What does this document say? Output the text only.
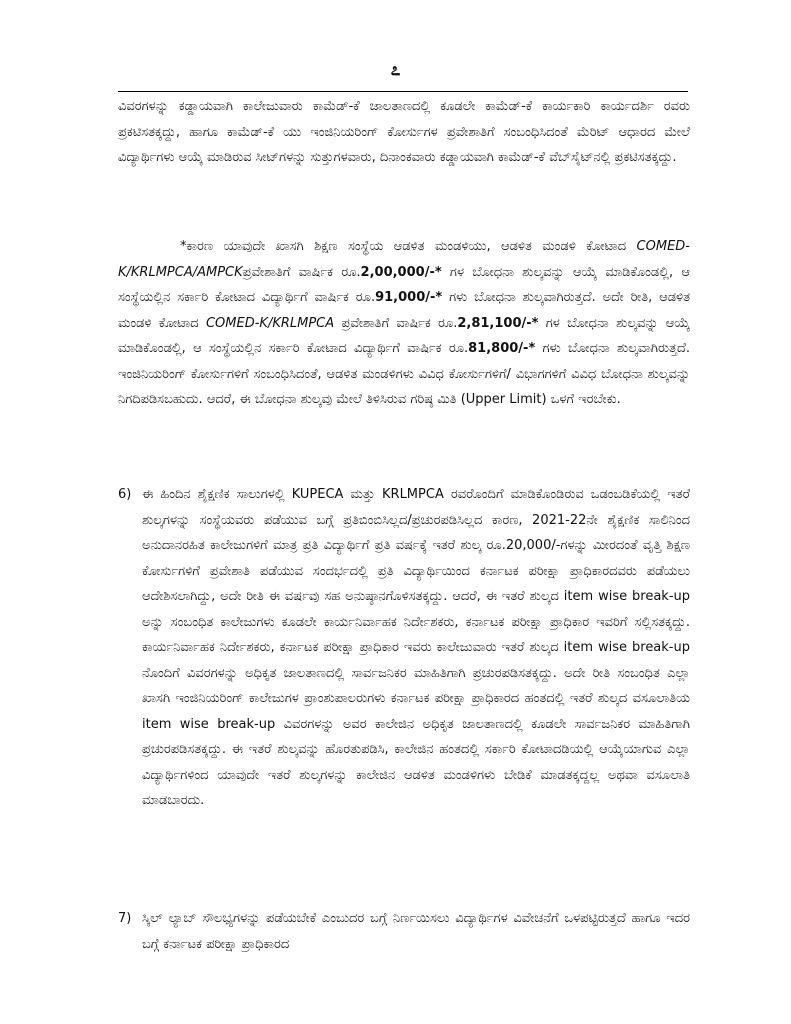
೭
ವಿವರಗಳನ್ನು ಕಡ್ಡಾಯವಾಗಿ ಕಾಲೇಜುವಾರು ಕಾಮೆಡ್-ಕೆ ಜಾಲತಾಣದಲ್ಲಿ ಕೂಡಲೇ ಕಾಮೆಡ್-ಕೆ ಕಾರ್ಯಕಾರಿ ಕಾರ್ಯದರ್ಶಿ ರವರು ಪ್ರಕಟಿಸತಕ್ಕದ್ದು, ಹಾಗೂ ಕಾಮೆಡ್-ಕೆ ಯು ಇಂಜಿನಿಯರಿಂಗ್ ಕೋರ್ಸುಗಳ ಪ್ರವೇಶಾತಿಗೆ ಸಂಬಂಧಿಸಿದಂತೆ ಮೆರಿಟ್ ಆಧಾರದ ಮೇಲೆ ವಿದ್ಯಾರ್ಥಿಗಳು ಆಯ್ಕೆ ಮಾಡಿರುವ ಸೀಟ್‌ಗಳನ್ನು ಸುತ್ತುಗಳವಾರು, ದಿನಾಂಕವಾರು ಕಡ್ಡಾಯವಾಗಿ ಕಾಮೆಡ್-ಕೆ ವೆಬ್‌ಸೈಟ್‌ನಲ್ಲಿ ಪ್ರಕಟಿಸತಕ್ಕದ್ದು.
*ಕಾರಣ ಯಾವುದೇ ಖಾಸಗಿ ಶಿಕ್ಷಣ ಸಂಸ್ಥೆಯ ಆಡಳಿತ ಮಂಡಳಿಯು, ಆಡಳಿತ ಮಂಡಳಿ ಕೋಟಾದ COMED-K/KRLMPCA/AMPCKಪ್ರವೇಶಾತಿಗೆ ವಾರ್ಷಿಕ ರೂ.2,00,000/-* ಗಳ ಬೋಧನಾ ಶುಲ್ಕವನ್ನು ಆಯ್ಕೆ ಮಾಡಿಕೊಂಡಲ್ಲಿ, ಆ ಸಂಸ್ಥೆಯಲ್ಲಿನ ಸರ್ಕಾರಿ ಕೋಟಾದ ವಿದ್ಯಾರ್ಥಿಗೆ ವಾರ್ಷಿಕ ರೂ.91,000/-* ಗಳು ಬೋಧನಾ ಶುಲ್ಕವಾಗಿರುತ್ತದೆ. ಅದೇ ರೀತಿ, ಆಡಳಿತ ಮಂಡಳಿ ಕೋಟಾದ COMED-K/KRLMPCA ಪ್ರವೇಶಾತಿಗೆ ವಾರ್ಷಿಕ ರೂ.2,81,100/-* ಗಳ ಬೋಧನಾ ಶುಲ್ಕವನ್ನು ಆಯ್ಕೆ ಮಾಡಿಕೊಂಡಲ್ಲಿ, ಆ ಸಂಸ್ಥೆಯಲ್ಲಿನ ಸರ್ಕಾರಿ ಕೋಟಾದ ವಿದ್ಯಾರ್ಥಿಗೆ ವಾರ್ಷಿಕ ರೂ.81,800/-* ಗಳು ಬೋಧನಾ ಶುಲ್ಕವಾಗಿರುತ್ತದೆ. ಇಂಜಿನಿಯರಿಂಗ್ ಕೋರ್ಸುಗಳಿಗೆ ಸಂಬಂಧಿಸಿದಂತೆ, ಆಡಳಿತ ಮಂಡಳಿಗಳು ವಿವಿಧ ಕೋರ್ಸುಗಳಿಗೆ/ ವಿಭಾಗಗಳಿಗೆ ವಿವಿಧ ಬೋಧನಾ ಶುಲ್ಕವನ್ನು ನಿಗದಿಪಡಿಸಬಹುದು. ಆದರೆ, ಈ ಬೋಧನಾ ಶುಲ್ಕವು ಮೇಲೆ ತಿಳಿಸಿರುವ ಗರಿಷ್ಠ ಮಿತಿ (Upper Limit) ಒಳಗೆ ಇರಬೇಕು.
6) ಈ ಹಿಂದಿನ ಶೈಕ್ಷಣಿಕ ಸಾಲುಗಳಲ್ಲಿ KUPECA ಮತ್ತು KRLMPCA ರವರೊಂದಿಗೆ ಮಾಡಿಕೊಂಡಿರುವ ಒಡಂಬಡಿಕೆಯಲ್ಲಿ ಇತರೆ ಶುಲ್ಕಗಳನ್ನು ಸಂಸ್ಥೆಯವರು ಪಡೆಯುವ ಬಗ್ಗೆ ಪ್ರತಿಬಿಂಬಿಸಿಲ್ಲದ/ಪ್ರಚುರಪಡಿಸಿಲ್ಲದ ಕಾರಣ, 2021-22ನೇ ಶೈಕ್ಷಣಿಕ ಸಾಲಿನಿಂದ ಅನುದಾನರಹಿತ ಕಾಲೇಜುಗಳಿಗೆ ಮಾತ್ರ ಪ್ರತಿ ವಿದ್ಯಾರ್ಥಿಗೆ ಪ್ರತಿ ವರ್ಷಕ್ಕೆ ಇತರೆ ಶುಲ್ಕ ರೂ.20,000/-ಗಳನ್ನು ಮೀರದಂತೆ ವೃತ್ತಿ ಶಿಕ್ಷಣ ಕೋರ್ಸುಗಳಿಗೆ ಪ್ರವೇಶಾತಿ ಪಡೆಯುವ ಸಂದರ್ಭದಲ್ಲಿ ಪ್ರತಿ ವಿದ್ಯಾರ್ಥಿಯಿಂದ ಕರ್ನಾಟಕ ಪರೀಕ್ಷಾ ಪ್ರಾಧಿಕಾರದವರು ಪಡೆಯಲು ಆದೇಶಿಸಲಾಗಿದ್ದು, ಅದೇ ರೀತಿ ಈ ವರ್ಷವು ಸಹ ಅನುಷ್ಠಾನಗೊಳಿಸತಕ್ಕದ್ದು. ಆದರೆ, ಈ ಇತರೆ ಶುಲ್ಕದ item wise break-up ಅನ್ನು ಸಂಬಂಧಿತ ಕಾಲೇಜುಗಳು ಕೂಡಲೇ ಕಾರ್ಯನಿರ್ವಾಹಕ ನಿರ್ದೇಶಕರು, ಕರ್ನಾಟಕ ಪರೀಕ್ಷಾ ಪ್ರಾಧಿಕಾರ ಇವರಿಗೆ ಸಲ್ಲಿಸತಕ್ಕದ್ದು. ಕಾರ್ಯನಿರ್ವಾಹಕ ನಿರ್ದೇಶಕರು, ಕರ್ನಾಟಕ ಪರೀಕ್ಷಾ ಪ್ರಾಧಿಕಾರ ಇವರು ಕಾಲೇಜುವಾರು ಇತರೆ ಶುಲ್ಕದ item wise break-up ನೊಂದಿಗೆ ವಿವರಗಳನ್ನು ಅಧಿಕೃತ ಜಾಲತಾಣದಲ್ಲಿ ಸಾರ್ವಜನಿಕರ ಮಾಹಿತಿಗಾಗಿ ಪ್ರಚುರಪಡಿಸತಕ್ಕದ್ದು. ಅದೇ ರೀತಿ ಸಂಬಂಧಿತ ಎಲ್ಲಾ ಖಾಸಗಿ ಇಂಜಿನಿಯರಿಂಗ್ ಕಾಲೇಜುಗಳ ಪ್ರಾಂಶುಪಾಲರುಗಳು ಕರ್ನಾಟಕ ಪರೀಕ್ಷಾ ಪ್ರಾಧಿಕಾರದ ಹಂತದಲ್ಲಿ ಇತರೆ ಶುಲ್ಕದ ವಸೂಲಾತಿಯ item wise break-up ವಿವರಗಳನ್ನು ಅವರ ಕಾಲೇಜಿನ ಅಧಿಕೃತ ಜಾಲತಾಣದಲ್ಲಿ ಕೂಡಲೇ ಸಾರ್ವಜನಿಕರ ಮಾಹಿತಿಗಾಗಿ ಪ್ರಚುರಪಡಿಸತಕ್ಕದ್ದು. ಈ ಇತರೆ ಶುಲ್ಕವನ್ನು ಹೊರತುಪಡಿಸಿ, ಕಾಲೇಜಿನ ಹಂತದಲ್ಲಿ ಸರ್ಕಾರಿ ಕೋಟಾದಡಿಯಲ್ಲಿ ಆಯ್ಕೆಯಾಗುವ ಎಲ್ಲಾ ವಿದ್ಯಾರ್ಥಿಗಳಿಂದ ಯಾವುದೇ ಇತರೆ ಶುಲ್ಕಗಳನ್ನು ಕಾಲೇಜಿನ ಆಡಳಿತ ಮಂಡಳಿಗಳು ಬೇಡಿಕೆ ಮಾಡತಕ್ಕದ್ದಲ್ಲ ಅಥವಾ ವಸೂಲಾತಿ ಮಾಡಬಾರದು.
7) ಸ್ಕಿಲ್ ಲ್ಯಾಬ್ ಸೌಲಭ್ಯಗಳನ್ನು ಪಡೆಯಬೇಕೆ ಎಂಬುದರ ಬಗ್ಗೆ ನಿರ್ಣಯಿಸಲು ವಿದ್ಯಾರ್ಥಿಗಳ ವಿವೇಚನೆಗೆ ಒಳಪಟ್ಟಿರುತ್ತದೆ ಹಾಗೂ ಇದರ ಬಗ್ಗೆ ಕರ್ನಾಟಕ ಪರೀಕ್ಷಾ ಪ್ರಾಧಿಕಾರದ
